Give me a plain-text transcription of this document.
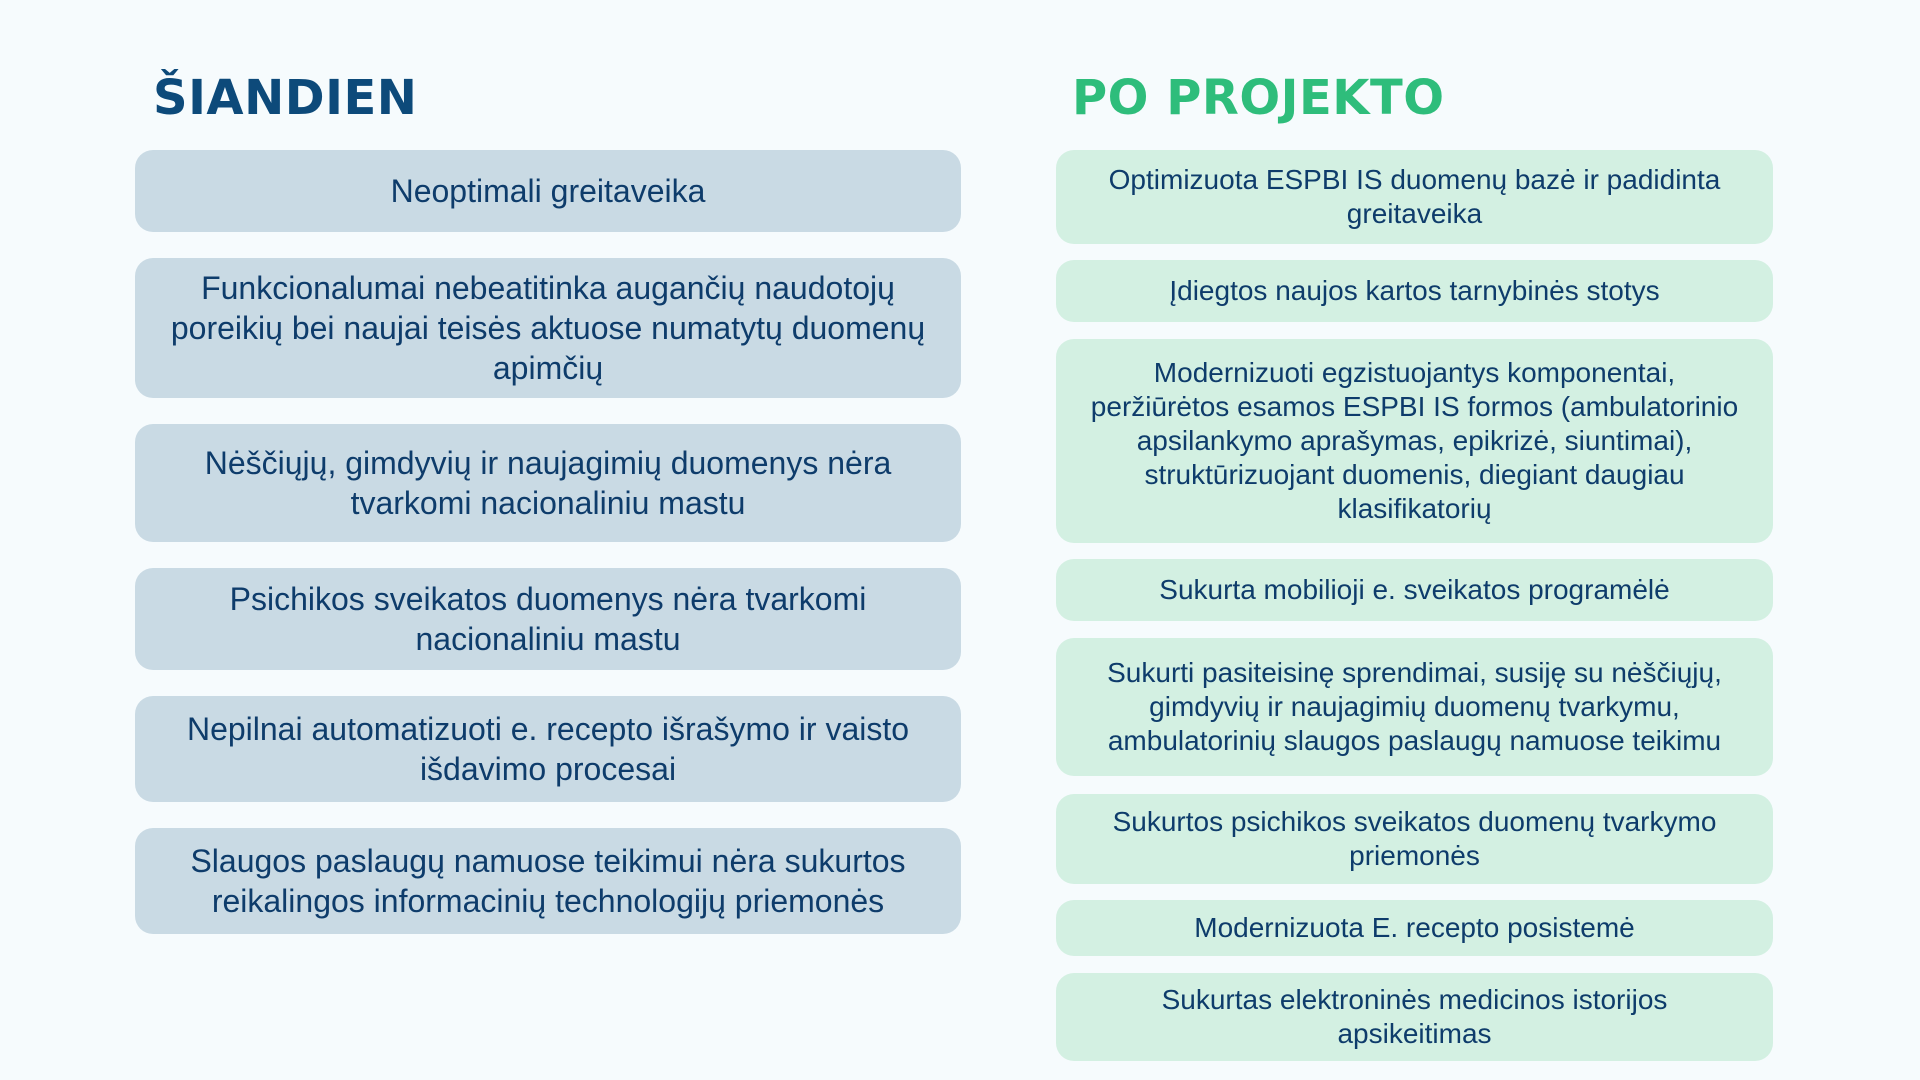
ŠIANDIEN	PO PROJEKTO
Neoptimali greitaveika
Funkcionalumai nebeatitinka augančių naudotojų poreikių bei naujai teisės aktuose numatytų duomenų apimčių
Nėščiųjų, gimdyvių ir naujagimių duomenys nėra tvarkomi nacionaliniu mastu
Psichikos sveikatos duomenys nėra tvarkomi nacionaliniu mastu
Nepilnai automatizuoti e. recepto išrašymo ir vaisto išdavimo procesai
Slaugos paslaugų namuose teikimui nėra sukurtos reikalingos informacinių technologijų priemonės
Optimizuota ESPBI IS duomenų bazė ir padidinta greitaveika
Įdiegtos naujos kartos tarnybinės stotys
Modernizuoti egzistuojantys komponentai, peržiūrėtos esamos ESPBI IS formos (ambulatorinio apsilankymo aprašymas, epikrizė, siuntimai), struktūrizuojant duomenis, diegiant daugiau klasifikatorių
Sukurta mobilioji e. sveikatos programėlė
Sukurti pasiteisinę sprendimai, susiję su nėščiųjų, gimdyvių ir naujagimių duomenų tvarkymu, ambulatorinių slaugos paslaugų namuose teikimu
Sukurtos psichikos sveikatos duomenų tvarkymo priemonės
Modernizuota E. recepto posistemė
Sukurtas elektroninės medicinos istorijos apsikeitimas
